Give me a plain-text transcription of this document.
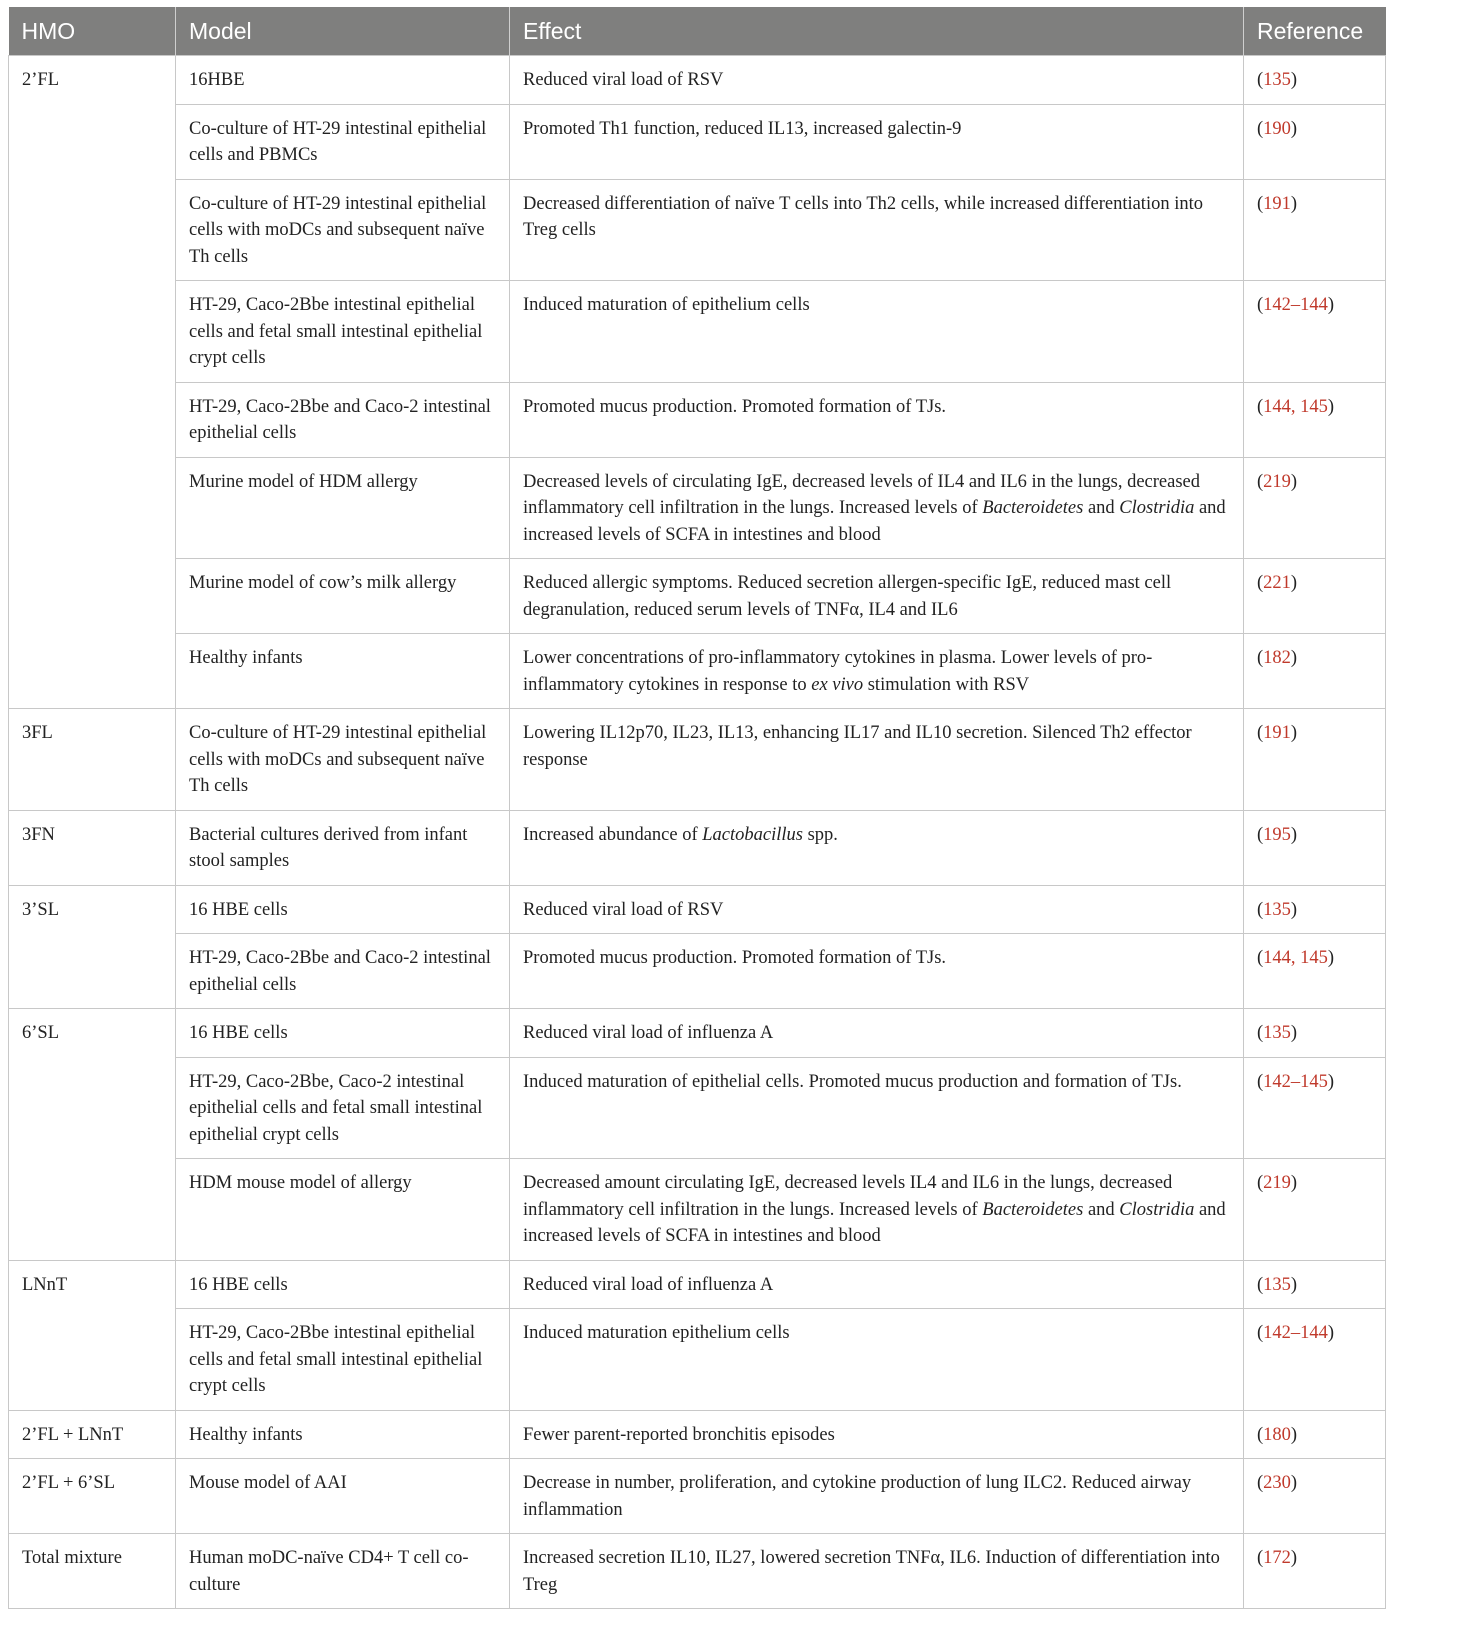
HMO	Model	Effect	Reference
2’FL	16HBE	Reduced viral load of RSV	(135)
	Co-culture of HT-29 intestinal epithelial cells and PBMCs	Promoted Th1 function, reduced IL13, increased galectin-9	(190)
	Co-culture of HT-29 intestinal epithelial cells with moDCs and subsequent naïve Th cells	Decreased differentiation of naïve T cells into Th2 cells, while increased differentiation into Treg cells	(191)
	HT-29, Caco-2Bbe intestinal epithelial cells and fetal small intestinal epithelial crypt cells	Induced maturation of epithelium cells	(142–144)
	HT-29, Caco-2Bbe and Caco-2 intestinal epithelial cells	Promoted mucus production. Promoted formation of TJs.	(144, 145)
	Murine model of HDM allergy	Decreased levels of circulating IgE, decreased levels of IL4 and IL6 in the lungs, decreased inflammatory cell infiltration in the lungs. Increased levels of Bacteroidetes and Clostridia and increased levels of SCFA in intestines and blood	(219)
	Murine model of cow’s milk allergy	Reduced allergic symptoms. Reduced secretion allergen-specific IgE, reduced mast cell degranulation, reduced serum levels of TNFα, IL4 and IL6	(221)
	Healthy infants	Lower concentrations of pro-inflammatory cytokines in plasma. Lower levels of pro-inflammatory cytokines in response to ex vivo stimulation with RSV	(182)
3FL	Co-culture of HT-29 intestinal epithelial cells with moDCs and subsequent naïve Th cells	Lowering IL12p70, IL23, IL13, enhancing IL17 and IL10 secretion. Silenced Th2 effector response	(191)
3FN	Bacterial cultures derived from infant stool samples	Increased abundance of Lactobacillus spp.	(195)
3’SL	16 HBE cells	Reduced viral load of RSV	(135)
	HT-29, Caco-2Bbe and Caco-2 intestinal epithelial cells	Promoted mucus production. Promoted formation of TJs.	(144, 145)
6’SL	16 HBE cells	Reduced viral load of influenza A	(135)
	HT-29, Caco-2Bbe, Caco-2 intestinal epithelial cells and fetal small intestinal epithelial crypt cells	Induced maturation of epithelial cells. Promoted mucus production and formation of TJs.	(142–145)
	HDM mouse model of allergy	Decreased amount circulating IgE, decreased levels IL4 and IL6 in the lungs, decreased inflammatory cell infiltration in the lungs. Increased levels of Bacteroidetes and Clostridia and increased levels of SCFA in intestines and blood	(219)
LNnT	16 HBE cells	Reduced viral load of influenza A	(135)
	HT-29, Caco-2Bbe intestinal epithelial cells and fetal small intestinal epithelial crypt cells	Induced maturation epithelium cells	(142–144)
2’FL + LNnT	Healthy infants	Fewer parent-reported bronchitis episodes	(180)
2’FL + 6’SL	Mouse model of AAI	Decrease in number, proliferation, and cytokine production of lung ILC2. Reduced airway inflammation	(230)
Total mixture	Human moDC-naïve CD4+ T cell co-culture	Increased secretion IL10, IL27, lowered secretion TNFα, IL6. Induction of differentiation into Treg	(172)
